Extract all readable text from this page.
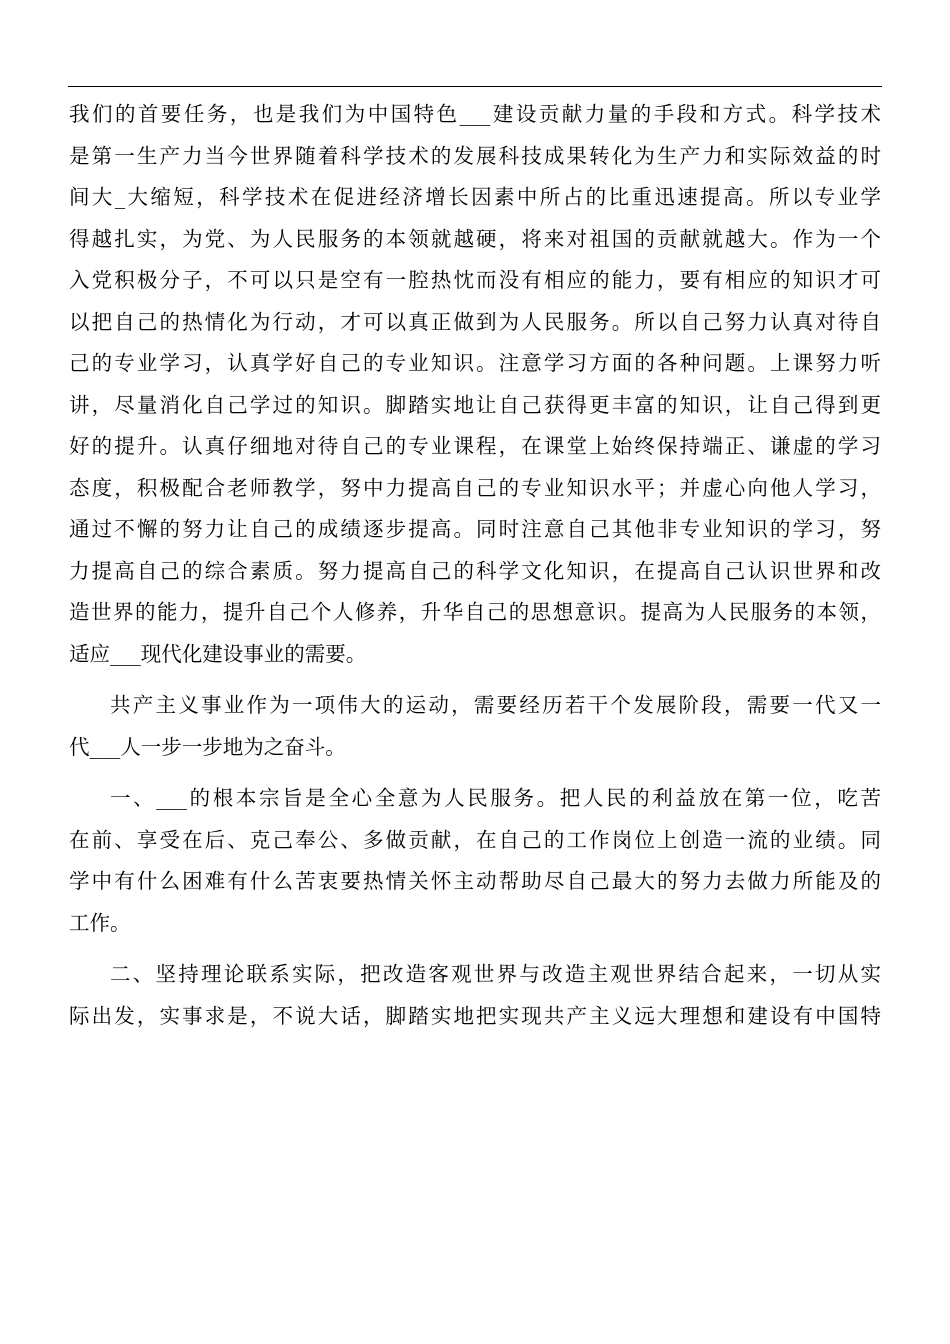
我们的首要任务，也是我们为中国特色___建设贡献力量的手段和方式。科学技术
是第一生产力当今世界随着科学技术的发展科技成果转化为生产力和实际效益的时
间大_大缩短，科学技术在促进经济增长因素中所占的比重迅速提高。所以专业学
得越扎实，为党、为人民服务的本领就越硬，将来对祖国的贡献就越大。作为一个
入党积极分子，不可以只是空有一腔热忱而没有相应的能力，要有相应的知识才可
以把自己的热情化为行动，才可以真正做到为人民服务。所以自己努力认真对待自
己的专业学习，认真学好自己的专业知识。注意学习方面的各种问题。上课努力听
讲，尽量消化自己学过的知识。脚踏实地让自己获得更丰富的知识，让自己得到更
好的提升。认真仔细地对待自己的专业课程，在课堂上始终保持端正、谦虚的学习
态度，积极配合老师教学，努中力提高自己的专业知识水平；并虚心向他人学习，
通过不懈的努力让自己的成绩逐步提高。同时注意自己其他非专业知识的学习，努
力提高自己的综合素质。努力提高自己的科学文化知识，在提高自己认识世界和改
造世界的能力，提升自己个人修养，升华自己的思想意识。提高为人民服务的本领，
适应___现代化建设事业的需要。
共产主义事业作为一项伟大的运动，需要经历若干个发展阶段，需要一代又一
代___人一步一步地为之奋斗。
一、___的根本宗旨是全心全意为人民服务。把人民的利益放在第一位，吃苦
在前、享受在后、克己奉公、多做贡献，在自己的工作岗位上创造一流的业绩。同
学中有什么困难有什么苦衷要热情关怀主动帮助尽自己最大的努力去做力所能及的
工作。
二、坚持理论联系实际，把改造客观世界与改造主观世界结合起来，一切从实
际出发，实事求是，不说大话，脚踏实地把实现共产主义远大理想和建设有中国特
